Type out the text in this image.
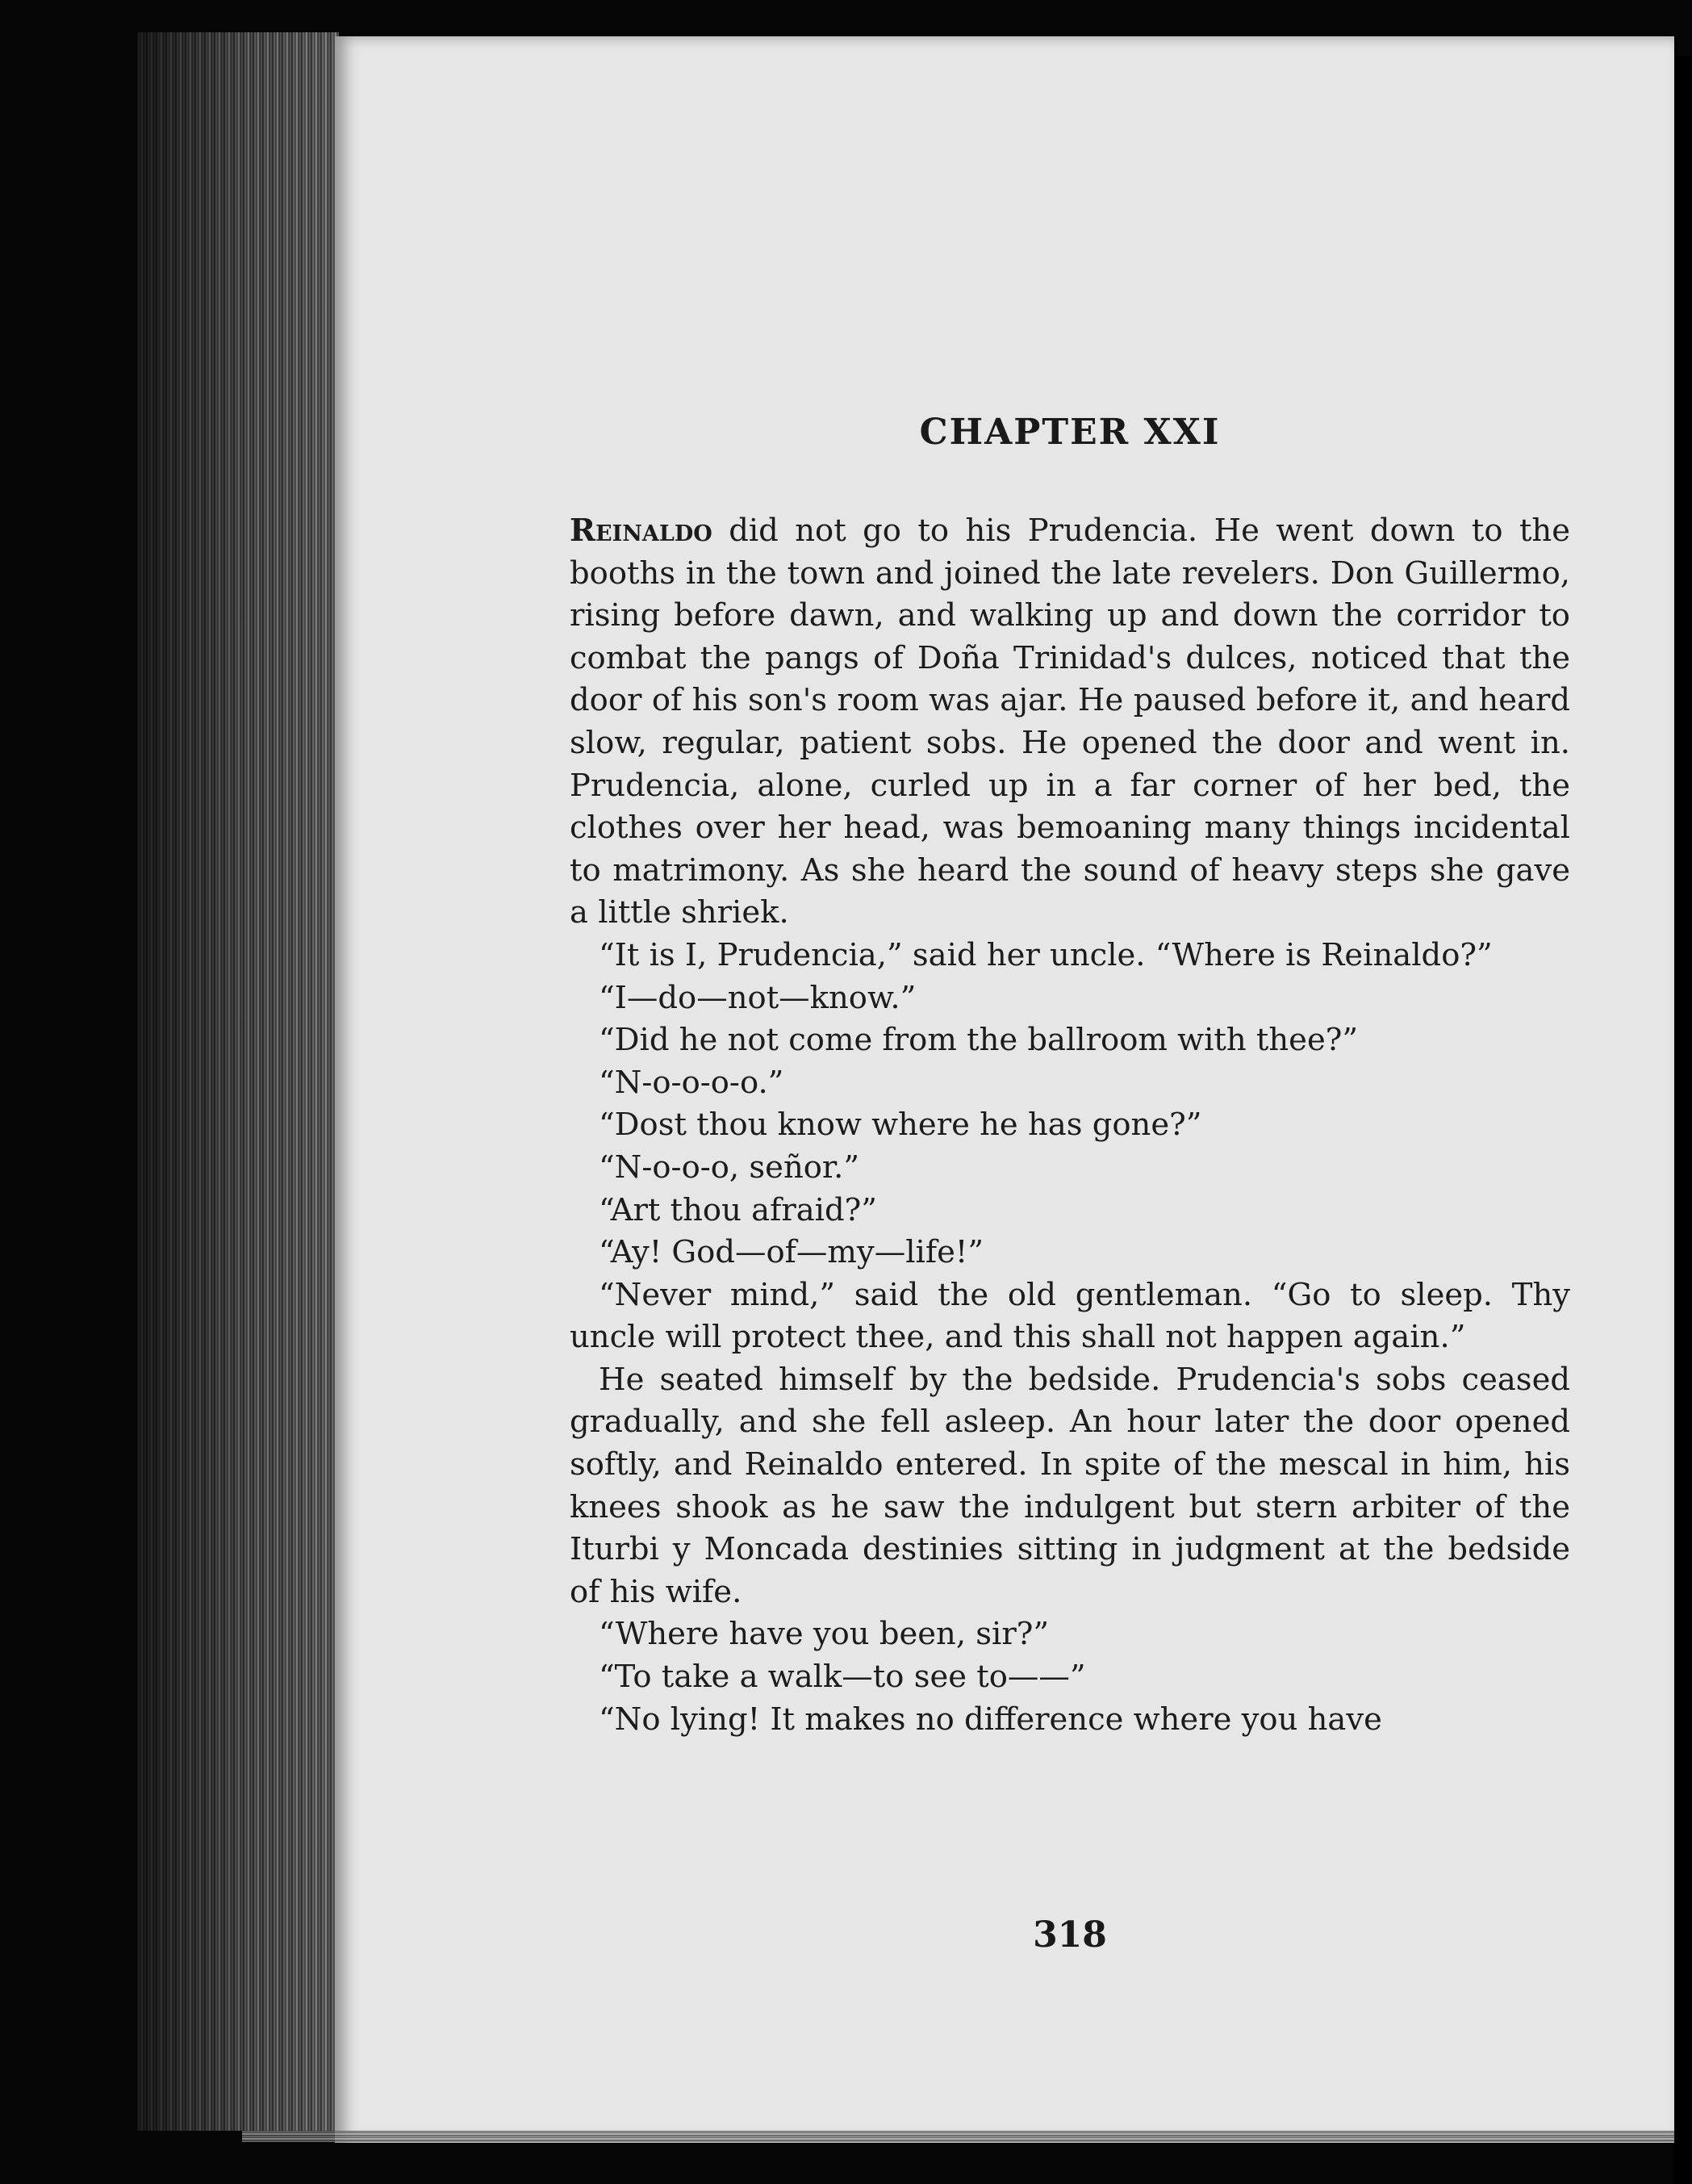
CHAPTER XXI

Reinaldo did not go to his Prudencia. He went down to the booths in the town and joined the late revelers. Don Guillermo, rising before dawn, and walking up and down the corridor to combat the pangs of Doña Trinidad's dulces, noticed that the door of his son's room was ajar. He paused before it, and heard slow, regular, patient sobs. He opened the door and went in. Prudencia, alone, curled up in a far corner of her bed, the clothes over her head, was bemoaning many things incidental to matrimony. As she heard the sound of heavy steps she gave a little shriek.

“It is I, Prudencia,” said her uncle. “Where is Reinaldo?”

“I—do—not—know.”

“Did he not come from the ballroom with thee?”

“N-o-o-o-o.”

“Dost thou know where he has gone?”

“N-o-o-o, señor.”

“Art thou afraid?”

“Ay! God—of—my—life!”

“Never mind,” said the old gentleman. “Go to sleep. Thy uncle will protect thee, and this shall not happen again.”

He seated himself by the bedside. Prudencia's sobs ceased gradually, and she fell asleep. An hour later the door opened softly, and Reinaldo entered. In spite of the mescal in him, his knees shook as he saw the indulgent but stern arbiter of the Iturbi y Moncada destinies sitting in judgment at the bedside of his wife.

“Where have you been, sir?”

“To take a walk—to see to——”

“No lying! It makes no difference where you have

318
